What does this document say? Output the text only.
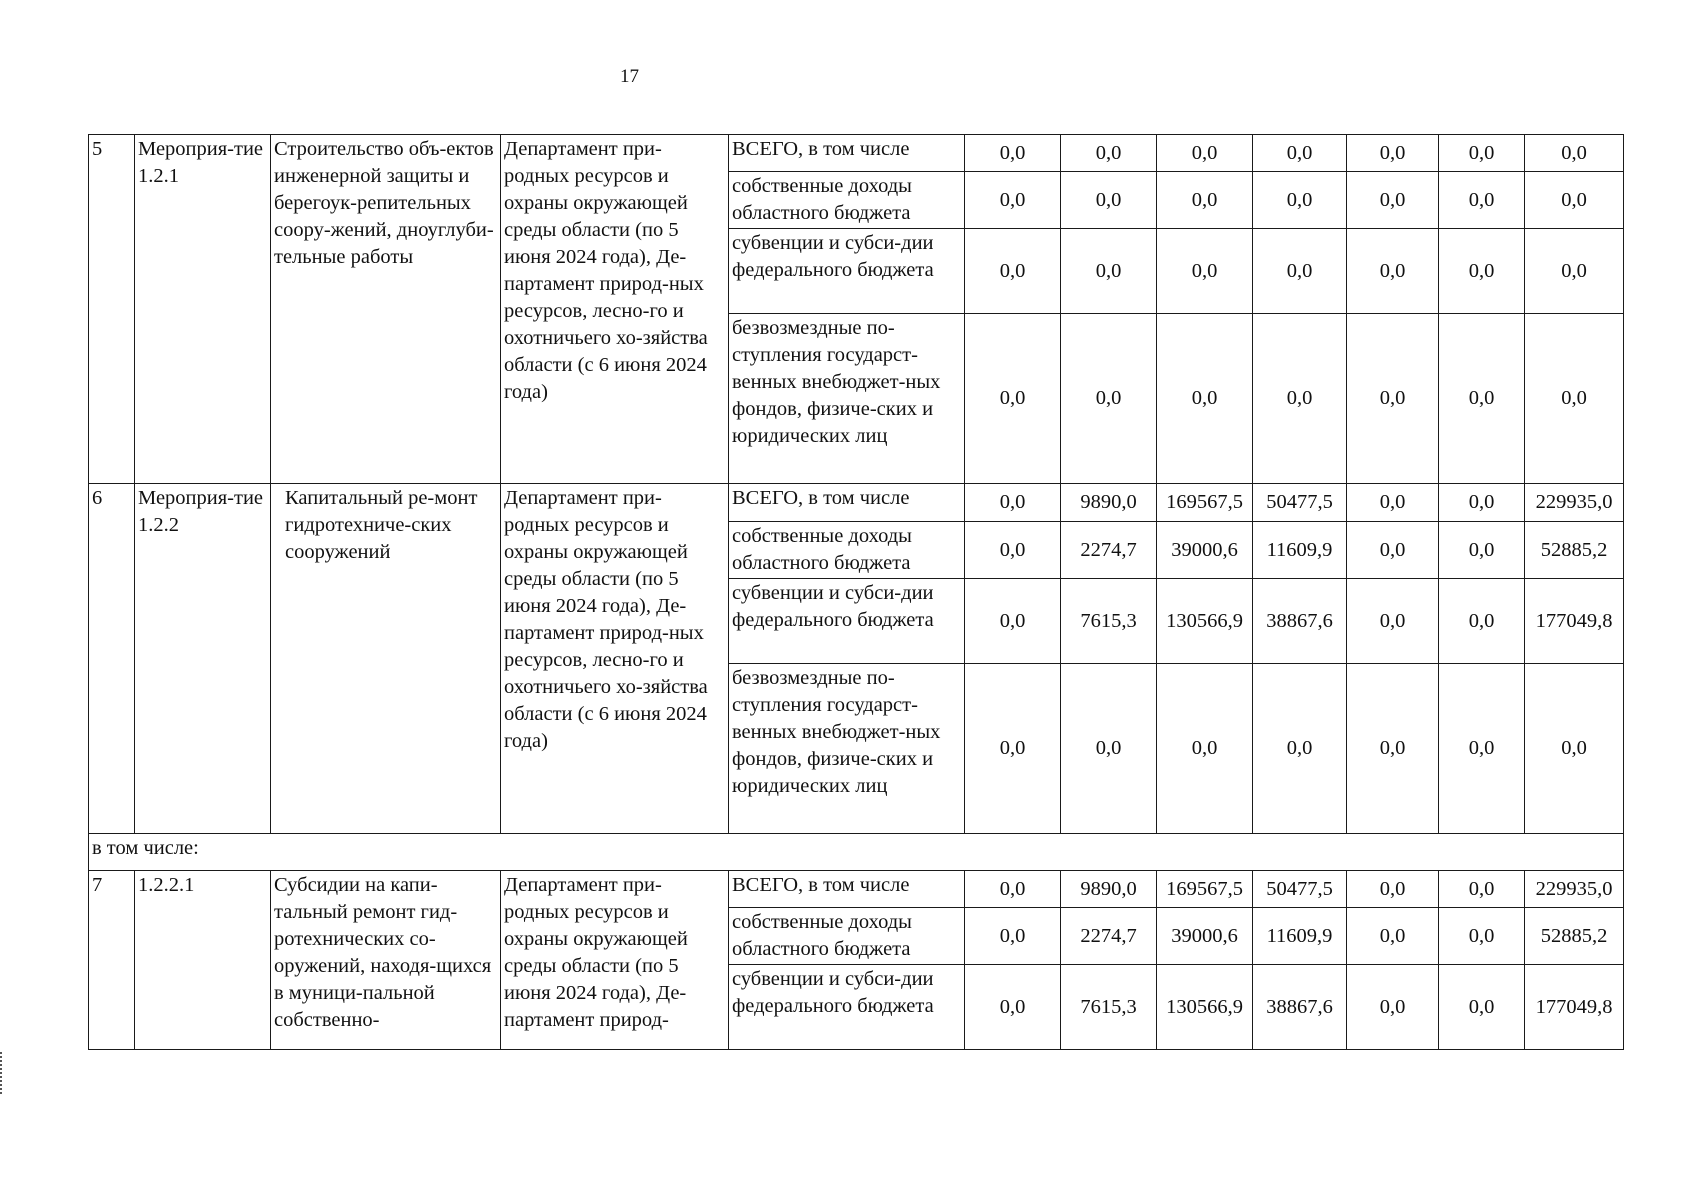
17
5	Мероприя-тие 1.2.1	Строительство объ-ектов инженерной защиты и берегоук-репительных соору-жений, дноуглуби-тельные работы	Департамент при-родных ресурсов и охраны окружающей среды области (по 5 июня 2024 года), Де-партамент природ-ных ресурсов, лесно-го и охотничьего хо-зяйства области (с 6 июня 2024 года)	ВСЕГО, в том числе	0,0	0,0	0,0	0,0	0,0	0,0	0,0
				собственные доходы областного бюджета	0,0	0,0	0,0	0,0	0,0	0,0	0,0
				субвенции и субси-дии федерального бюджета	0,0	0,0	0,0	0,0	0,0	0,0	0,0
				безвозмездные по-ступления государст-венных внебюджет-ных фондов, физиче-ских и юридических лиц	0,0	0,0	0,0	0,0	0,0	0,0	0,0
6	Мероприя-тие 1.2.2	Капитальный ре-монт гидротехниче-ских сооружений	Департамент при-родных ресурсов и охраны окружающей среды области (по 5 июня 2024 года), Де-партамент природ-ных ресурсов, лесно-го и охотничьего хо-зяйства области (с 6 июня 2024 года)	ВСЕГО, в том числе	0,0	9890,0	169567,5	50477,5	0,0	0,0	229935,0
				собственные доходы областного бюджета	0,0	2274,7	39000,6	11609,9	0,0	0,0	52885,2
				субвенции и субси-дии федерального бюджета	0,0	7615,3	130566,9	38867,6	0,0	0,0	177049,8
				безвозмездные по-ступления государст-венных внебюджет-ных фондов, физиче-ских и юридических лиц	0,0	0,0	0,0	0,0	0,0	0,0	0,0
в том числе:											
7	1.2.2.1	Субсидии на капи-тальный ремонт гид-ротехнических со-оружений, находя-щихся в муници-пальной собственно-	Департамент при-родных ресурсов и охраны окружающей среды области (по 5 июня 2024 года), Де-партамент природ-	ВСЕГО, в том числе	0,0	9890,0	169567,5	50477,5	0,0	0,0	229935,0
				собственные доходы областного бюджета	0,0	2274,7	39000,6	11609,9	0,0	0,0	52885,2
				субвенции и субси-дии федерального бюджета	0,0	7615,3	130566,9	38867,6	0,0	0,0	177049,8
